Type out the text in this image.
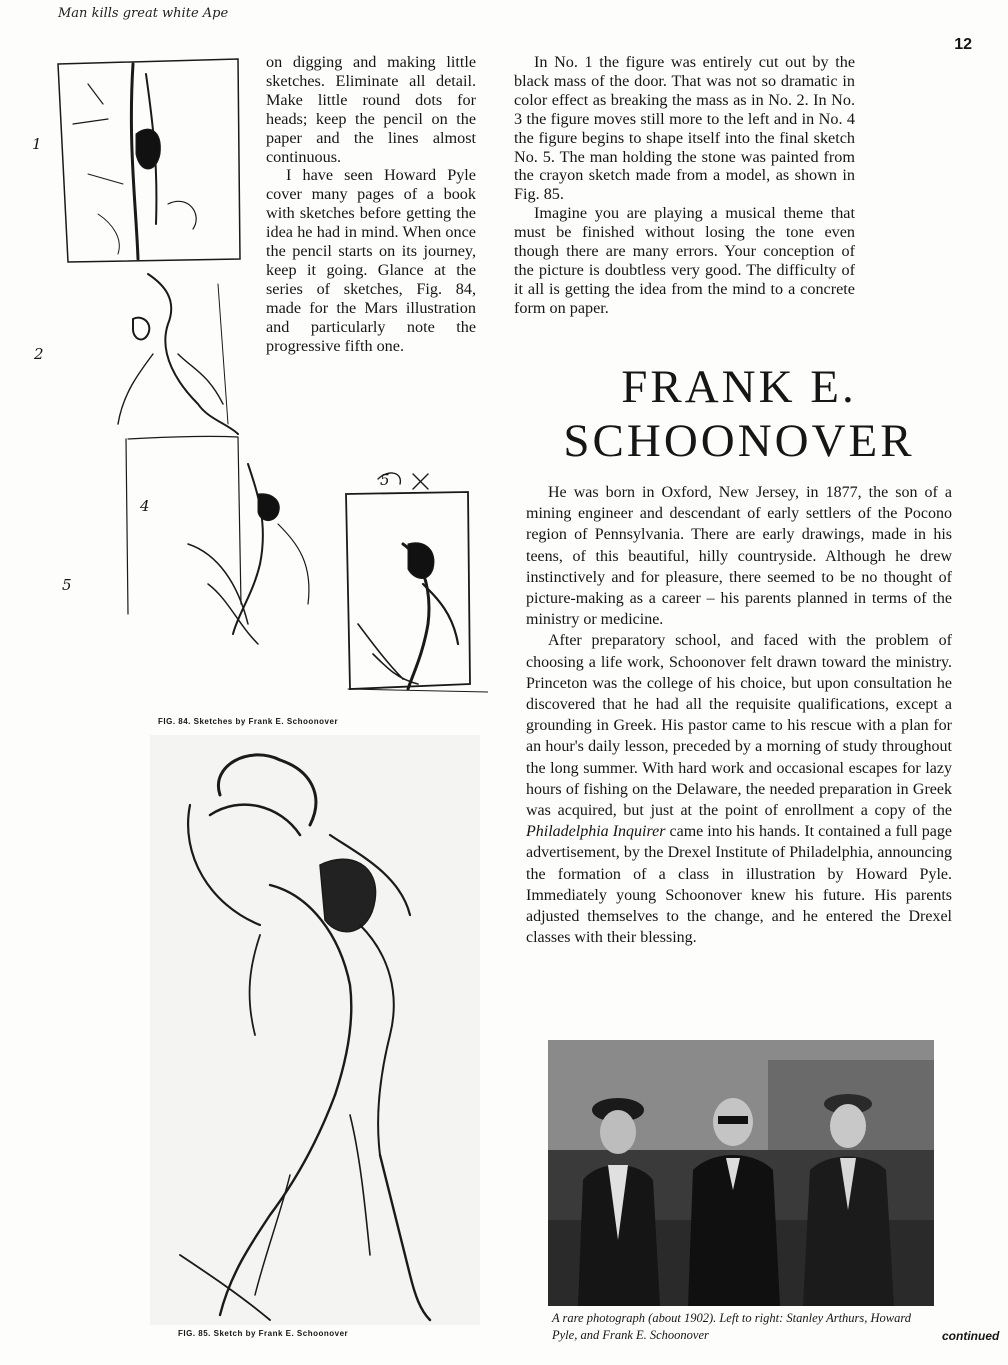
12
Man kills great white Ape
1
2
4
5
5
FIG. 84. Sketches by Frank E. Schoonover
FIG. 85. Sketch by Frank E. Schoonover

on digging and making little sketches. Eliminate all detail. Make little round dots for heads; keep the pencil on the paper and the lines almost continuous.

I have seen Howard Pyle cover many pages of a book with sketches before getting the idea he had in mind. When once the pencil starts on its journey, keep it going. Glance at the series of sketches, Fig. 84, made for the Mars illustration and particularly note the progressive fifth one.

In No. 1 the figure was entirely cut out by the black mass of the door. That was not so dramatic in color effect as breaking the mass as in No. 2. In No. 3 the figure moves still more to the left and in No. 4 the figure begins to shape itself into the final sketch No. 5. The man holding the stone was painted from the crayon sketch made from a model, as shown in Fig. 85.

Imagine you are playing a musical theme that must be finished without losing the tone even though there are many errors. Your conception of the picture is doubtless very good. The difficulty of it all is getting the idea from the mind to a concrete form on paper.

FRANK E.
SCHOONOVER

He was born in Oxford, New Jersey, in 1877, the son of a mining engineer and descendant of early settlers of the Pocono region of Pennsylvania. There are early drawings, made in his teens, of this beautiful, hilly countryside. Although he drew instinctively and for pleasure, there seemed to be no thought of picture-making as a career – his parents planned in terms of the ministry or medicine.

After preparatory school, and faced with the problem of choosing a life work, Schoonover felt drawn toward the ministry. Princeton was the college of his choice, but upon consultation he discovered that he had all the requisite qualifications, except a grounding in Greek. His pastor came to his rescue with a plan for an hour's daily lesson, preceded by a morning of study throughout the long summer. With hard work and occasional escapes for lazy hours of fishing on the Delaware, the needed preparation in Greek was acquired, but just at the point of enrollment a copy of the Philadelphia Inquirer came into his hands. It contained a full page advertisement, by the Drexel Institute of Philadelphia, announcing the formation of a class in illustration by Howard Pyle. Immediately young Schoonover knew his future. His parents adjusted themselves to the change, and he entered the Drexel classes with their blessing.

A rare photograph (about 1902). Left to right: Stanley Arthurs, Howard Pyle, and Frank E. Schoonover	continued
